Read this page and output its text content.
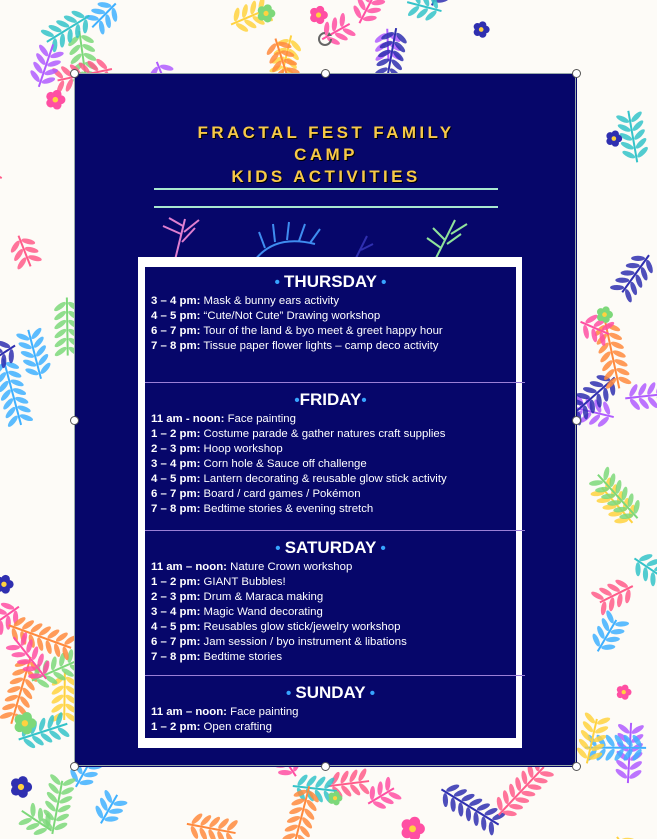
FRACTAL FEST FAMILY
CAMP
KIDS ACTIVITIES
• THURSDAY •
3 – 4 pm: Mask & bunny ears activity
4 – 5 pm: “Cute/Not Cute” Drawing workshop
6 – 7 pm: Tour of the land & byo meet & greet happy hour
7 – 8 pm: Tissue paper flower lights – camp deco activity
•FRIDAY•
11 am - noon: Face painting
1 – 2 pm: Costume parade & gather natures craft supplies
2 – 3 pm: Hoop workshop
3 – 4 pm: Corn hole & Sauce off challenge
4 – 5 pm: Lantern decorating & reusable glow stick activity
6 – 7 pm: Board / card games / Pokémon
7 – 8 pm: Bedtime stories & evening stretch
• SATURDAY •
11 am – noon: Nature Crown workshop
1 – 2 pm: GIANT Bubbles!
2 – 3 pm: Drum & Maraca making
3 – 4 pm: Magic Wand decorating
4 – 5 pm: Reusables glow stick/jewelry workshop
6 – 7 pm: Jam session / byo instrument & libations
7 – 8 pm: Bedtime stories
• SUNDAY •
11 am – noon: Face painting
1 – 2 pm: Open crafting
